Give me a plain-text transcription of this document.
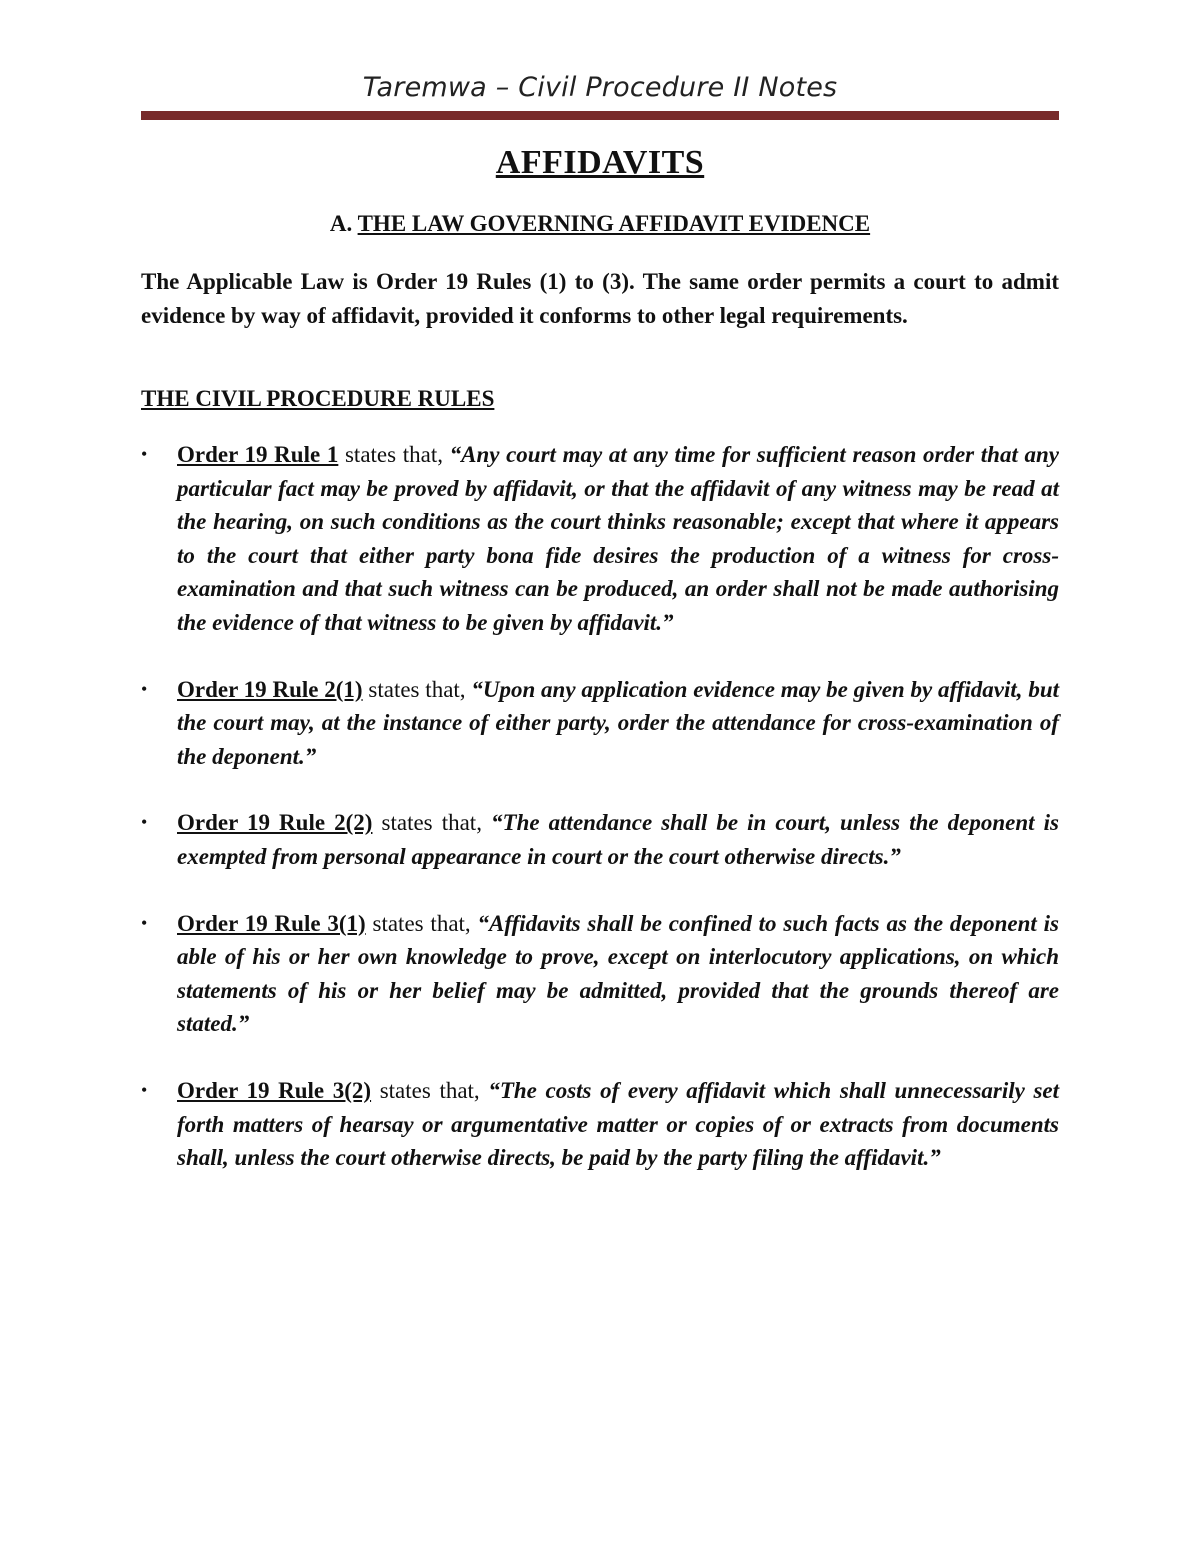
Taremwa – Civil Procedure II Notes
AFFIDAVITS
A. THE LAW GOVERNING AFFIDAVIT EVIDENCE

The Applicable Law is Order 19 Rules (1) to (3). The same order permits a court to admit evidence by way of affidavit, provided it conforms to other legal requirements.

THE CIVIL PROCEDURE RULES
• Order 19 Rule 1 states that, “Any court may at any time for sufficient reason order that any particular fact may be proved by affidavit, or that the affidavit of any witness may be read at the hearing, on such conditions as the court thinks reasonable; except that where it appears to the court that either party bona fide desires the production of a witness for cross-examination and that such witness can be produced, an order shall not be made authorising the evidence of that witness to be given by affidavit.”
• Order 19 Rule 2(1) states that, “Upon any application evidence may be given by affidavit, but the court may, at the instance of either party, order the attendance for cross-examination of the deponent.”
• Order 19 Rule 2(2) states that, “The attendance shall be in court, unless the deponent is exempted from personal appearance in court or the court otherwise directs.”
• Order 19 Rule 3(1) states that, “Affidavits shall be confined to such facts as the deponent is able of his or her own knowledge to prove, except on interlocutory applications, on which statements of his or her belief may be admitted, provided that the grounds thereof are stated.”
• Order 19 Rule 3(2) states that, “The costs of every affidavit which shall unnecessarily set forth matters of hearsay or argumentative matter or copies of or extracts from documents shall, unless the court otherwise directs, be paid by the party filing the affidavit.”
